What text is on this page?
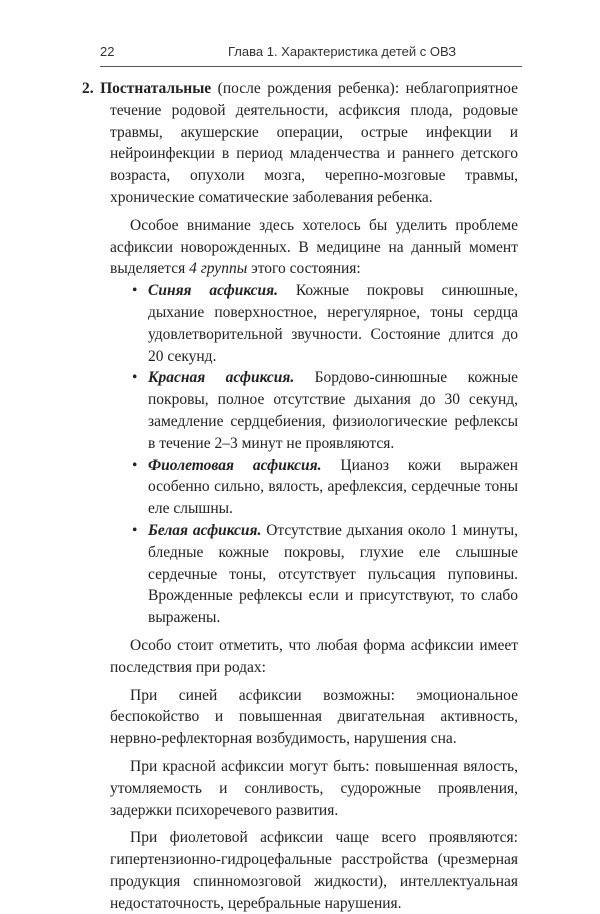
22	Глава 1. Характеристика детей с ОВЗ

2. Постнатальные (после рождения ребенка): неблагоприятное течение родовой деятельности, асфиксия плода, родовые травмы, акушерские операции, острые инфекции и нейроинфекции в период младенчества и раннего детского возраста, опухоли мозга, черепно-мозговые травмы, хронические соматические заболевания ребенка.

Особое внимание здесь хотелось бы уделить проблеме асфиксии новорожденных. В медицине на данный момент выделяется 4 группы этого состояния:

• Синяя асфиксия. Кожные покровы синюшные, дыхание поверхностное, нерегулярное, тоны сердца удовлетворительной звучности. Состояние длится до 20 секунд.
• Красная асфиксия. Бордово-синюшные кожные покровы, полное отсутствие дыхания до 30 секунд, замедление сердцебиения, физиологические рефлексы в течение 2–3 минут не проявляются.
• Фиолетовая асфиксия. Цианоз кожи выражен особенно сильно, вялость, арефлексия, сердечные тоны еле слышны.
• Белая асфиксия. Отсутствие дыхания около 1 минуты, бледные кожные покровы, глухие еле слышные сердечные тоны, отсутствует пульсация пуповины. Врожденные рефлексы если и присутствуют, то слабо выражены.

Особо стоит отметить, что любая форма асфиксии имеет последствия при родах:

При синей асфиксии возможны: эмоциональное беспокойство и повышенная двигательная активность, нервно-рефлекторная возбудимость, нарушения сна.

При красной асфиксии могут быть: повышенная вялость, утомляемость и сонливость, судорожные проявления, задержки психоречевого развития.

При фиолетовой асфиксии чаще всего проявляются: гипертензионно-гидроцефальные расстройства (чрезмерная продукция спинномозговой жидкости), интеллектуальная недостаточность, церебральные нарушения.
